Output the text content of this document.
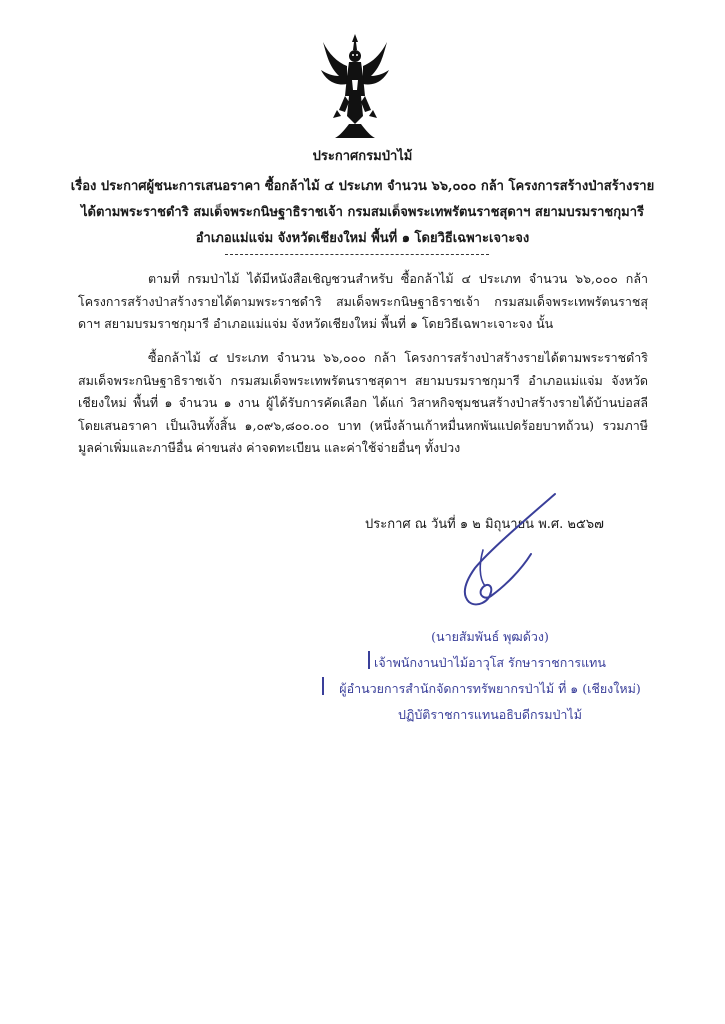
ประกาศกรมป่าไม้
เรื่อง ประกาศผู้ชนะการเสนอราคา ซื้อกล้าไม้ ๔ ประเภท จำนวน ๖๖,๐๐๐ กล้า โครงการสร้างป่าสร้างรายได้ตามพระราชดำริ สมเด็จพระกนิษฐาธิราชเจ้า กรมสมเด็จพระเทพรัตนราชสุดาฯ สยามบรมราชกุมารี อำเภอแม่แจ่ม จังหวัดเชียงใหม่ พื้นที่ ๑ โดยวิธีเฉพาะเจาะจง

ตามที่ กรมป่าไม้ ได้มีหนังสือเชิญชวนสำหรับ ซื้อกล้าไม้ ๔ ประเภท จำนวน ๖๖,๐๐๐ กล้า โครงการสร้างป่าสร้างรายได้ตามพระราชดำริ สมเด็จพระกนิษฐาธิราชเจ้า กรมสมเด็จพระเทพรัตนราชสุดาฯ สยามบรมราชกุมารี อำเภอแม่แจ่ม จังหวัดเชียงใหม่ พื้นที่ ๑ โดยวิธีเฉพาะเจาะจง นั้น

ซื้อกล้าไม้ ๔ ประเภท จำนวน ๖๖,๐๐๐ กล้า โครงการสร้างป่าสร้างรายได้ตามพระราชดำริ สมเด็จพระกนิษฐาธิราชเจ้า กรมสมเด็จพระเทพรัตนราชสุดาฯ สยามบรมราชกุมารี อำเภอแม่แจ่ม จังหวัดเชียงใหม่ พื้นที่ ๑ จำนวน ๑ งาน ผู้ได้รับการคัดเลือก ได้แก่ วิสาหกิจชุมชนสร้างป่าสร้างรายได้บ้านบ่อสลี โดยเสนอราคา เป็นเงินทั้งสิ้น ๑,๐๙๖,๘๐๐.๐๐ บาท (หนึ่งล้านเก้าหมื่นหกพันแปดร้อยบาทถ้วน) รวมภาษีมูลค่าเพิ่มและภาษีอื่น ค่าขนส่ง ค่าจดทะเบียน และค่าใช้จ่ายอื่นๆ ทั้งปวง

ประกาศ ณ วันที่ ๑ ๒ มิถุนายน พ.ศ. ๒๕๖๗
(นายสัมพันธ์ พุฒด้วง)
เจ้าพนักงานป่าไม้อาวุโส รักษาราชการแทน
ผู้อำนวยการสำนักจัดการทรัพยากรป่าไม้ ที่ ๑ (เชียงใหม่)
ปฏิบัติราชการแทนอธิบดีกรมป่าไม้
